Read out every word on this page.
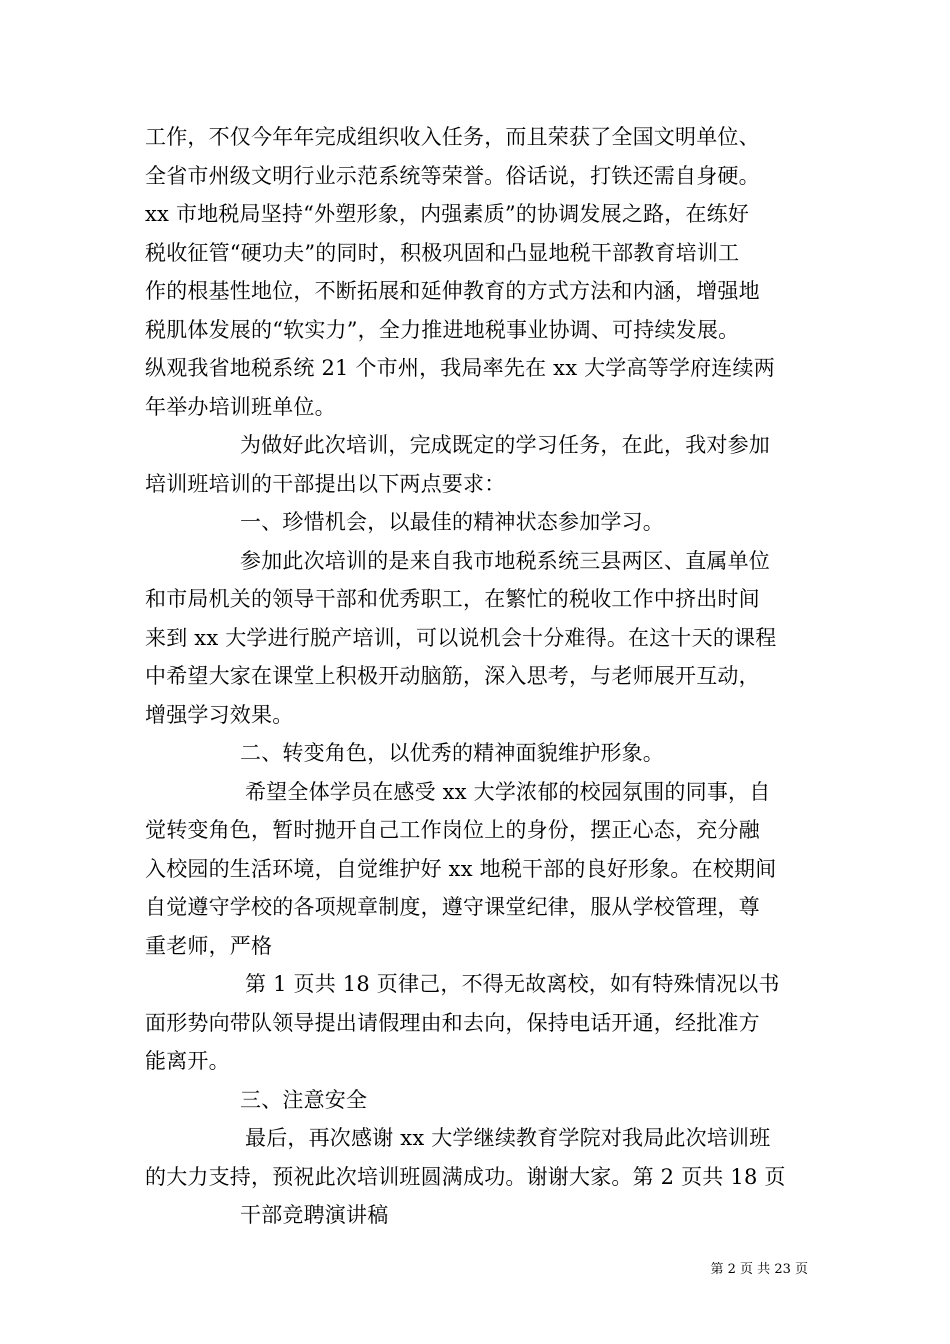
工作，不仅今年年完成组织收入任务，而且荣获了全国文明单位、
全省市州级文明行业示范系统等荣誉。俗话说，打铁还需自身硬。
xx 市地税局坚持“外塑形象，内强素质”的协调发展之路，在练好
税收征管“硬功夫”的同时，积极巩固和凸显地税干部教育培训工
作的根基性地位，不断拓展和延伸教育的方式方法和内涵，增强地
税肌体发展的“软实力”，全力推进地税事业协调、可持续发展。
纵观我省地税系统 21 个市州，我局率先在 xx 大学高等学府连续两
年举办培训班单位。
为做好此次培训，完成既定的学习任务，在此，我对参加
培训班培训的干部提出以下两点要求：
一、珍惜机会，以最佳的精神状态参加学习。
参加此次培训的是来自我市地税系统三县两区、直属单位
和市局机关的领导干部和优秀职工，在繁忙的税收工作中挤出时间
来到 xx 大学进行脱产培训，可以说机会十分难得。在这十天的课程
中希望大家在课堂上积极开动脑筋，深入思考，与老师展开互动，
增强学习效果。
二、转变角色，以优秀的精神面貌维护形象。
希望全体学员在感受 xx 大学浓郁的校园氛围的同事，自
觉转变角色，暂时抛开自己工作岗位上的身份，摆正心态，充分融
入校园的生活环境，自觉维护好 xx 地税干部的良好形象。在校期间
自觉遵守学校的各项规章制度，遵守课堂纪律，服从学校管理，尊
重老师，严格
第 1 页共 18 页律己，不得无故离校，如有特殊情况以书
面形势向带队领导提出请假理由和去向，保持电话开通，经批准方
能离开。
三、注意安全
最后，再次感谢 xx 大学继续教育学院对我局此次培训班
的大力支持，预祝此次培训班圆满成功。谢谢大家。第 2 页共 18 页
干部竞聘演讲稿
第 2 页 共 23 页
